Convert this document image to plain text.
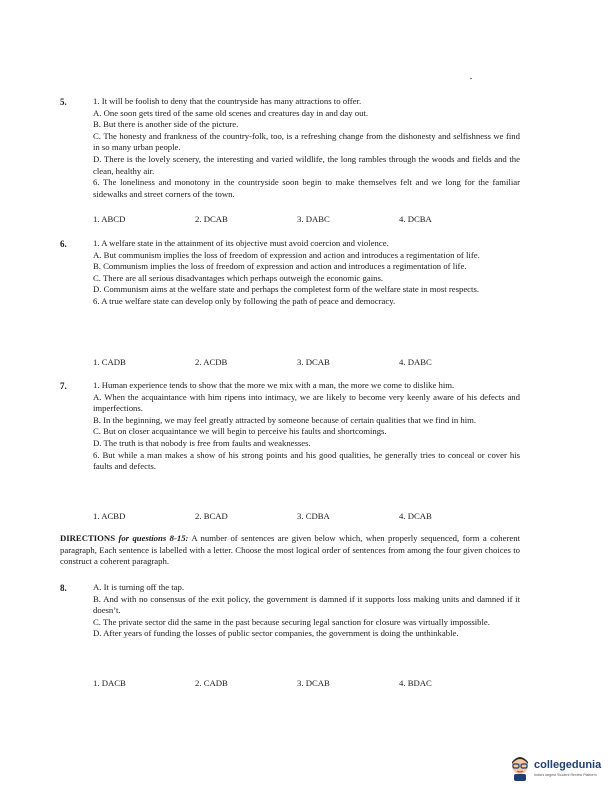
5.	1. It will be foolish to deny that the countryside has many attractions to offer.

A. One soon gets tired of the same old scenes and creatures day in and day out.

B. But there is another side of the picture.

C. The honesty and frankness of the country-folk, too, is a refreshing change from the dishonesty and selfishness we find in so many urban people.

D. There is the lovely scenery, the interesting and varied wildlife, the long rambles through the woods and fields and the clean, healthy air.

6. The loneliness and monotony in the countryside soon begin to make themselves felt and we long for the familiar sidewalks and street corners of the town.

1. ABCD	2. DCAB	3. DABC	4. DCBA
6.	1. A welfare state in the attainment of its objective must avoid coercion and violence.

A. But communism implies the loss of freedom of expression and action and introduces a regimentation of life.

B. Communism implies the loss of freedom of expression and action and introduces a regimentation of life.

C. There are all serious disadvantages which perhaps outweigh the economic gains.

D. Communism aims at the welfare state and perhaps the completest form of the welfare state in most respects.

6. A true welfare state can develop only by following the path of peace and democracy.

1. CADB	2. ACDB	3. DCAB	4. DABC
7.	1. Human experience tends to show that the more we mix with a man, the more we come to dislike him.

A. When the acquaintance with him ripens into intimacy, we are likely to become very keenly aware of his defects and imperfections.

B. In the beginning, we may feel greatly attracted by someone because of certain qualities that we find in him.

C. But on closer acquaintance we will begin to perceive his faults and shortcomings.

D. The truth is that nobody is free from faults and weaknesses.

6. But while a man makes a show of his strong points and his good qualities, he generally tries to conceal or cover his faults and defects.

1. ACBD	2. BCAD	3. CDBA	4. DCAB

DIRECTIONS for questions 8-15: A number of sentences are given below which, when properly sequenced, form a coherent paragraph, Each sentence is labelled with a letter. Choose the most logical order of sentences from among the four given choices to construct a coherent paragraph.

8.	A. It is turning off the tap.

B. And with no consensus of the exit policy, the government is damned if it supports loss making units and damned if it doesn’t.

C. The private sector did the same in the past because securing legal sanction for closure was virtually impossible.

D. After years of funding the losses of public sector companies, the government is doing the unthinkable.

1. DACB	2. CADB	3. DCAB	4. BDAC
collegedunia
India's largest Student Review Platform
